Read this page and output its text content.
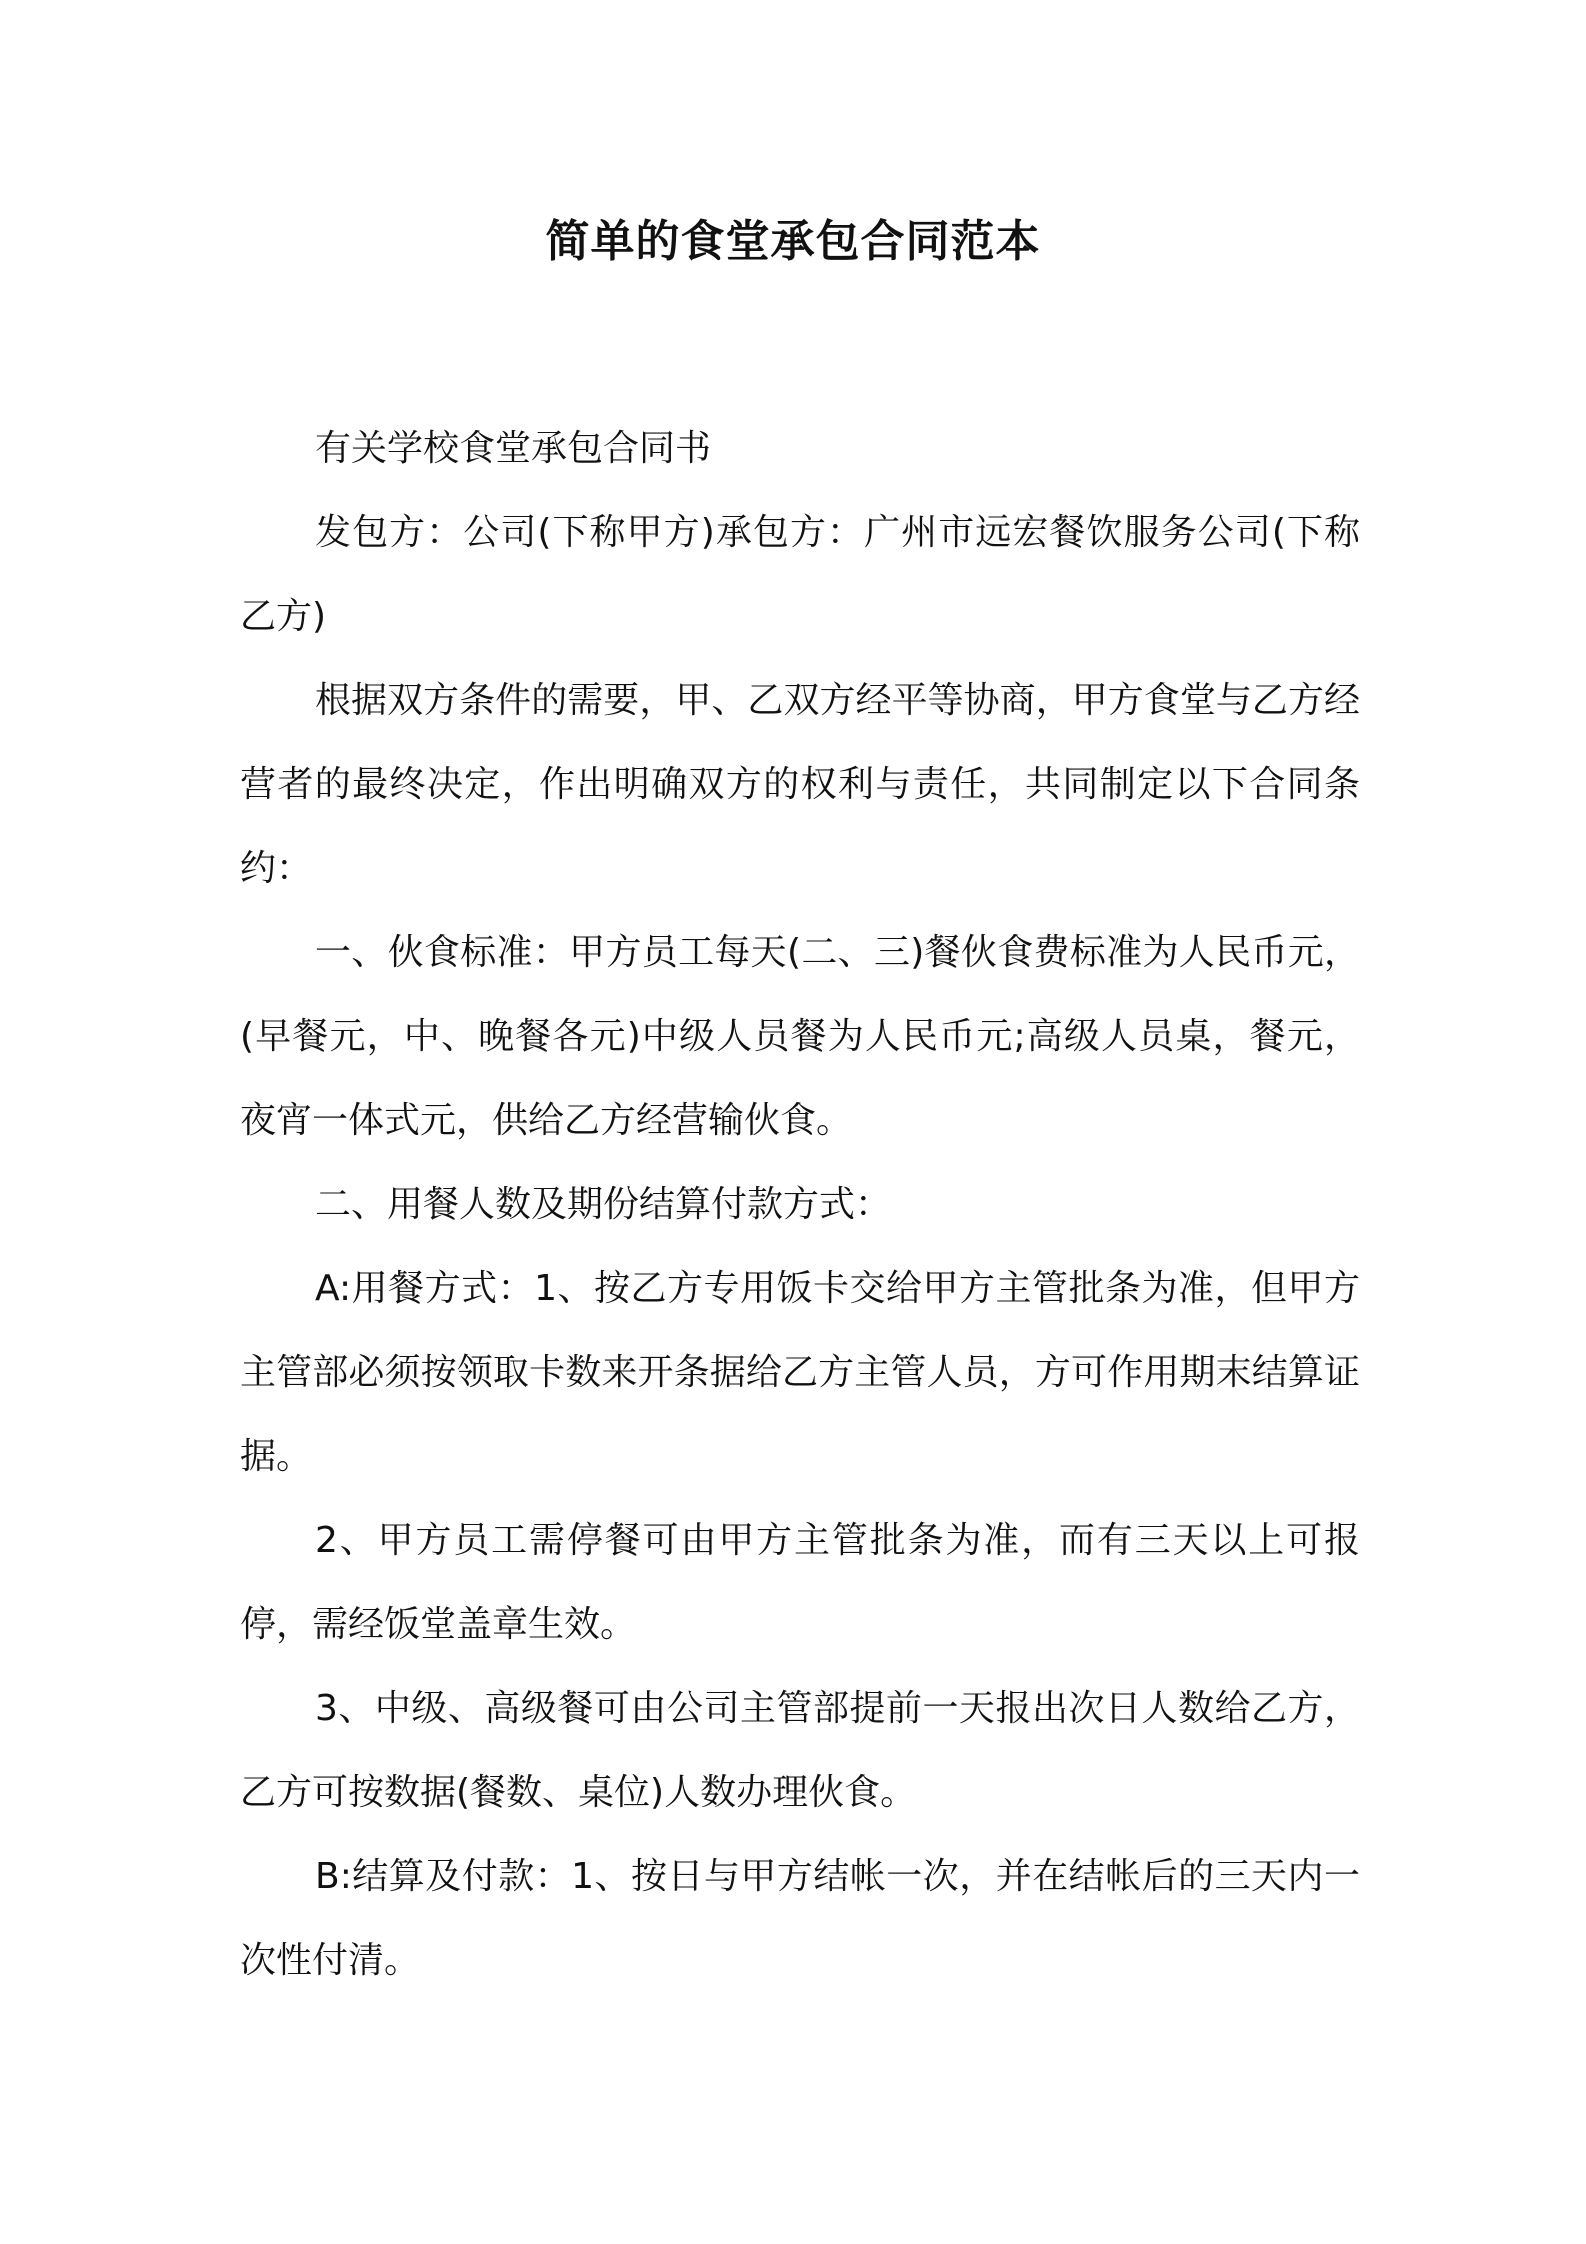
简单的食堂承包合同范本

有关学校食堂承包合同书

发包方：公司(下称甲方)承包方：广州市远宏餐饮服务公司(下称乙方)

根据双方条件的需要，甲、乙双方经平等协商，甲方食堂与乙方经营者的最终决定，作出明确双方的权利与责任，共同制定以下合同条约：

一、伙食标准：甲方员工每天(二、三)餐伙食费标准为人民币元，(早餐元，中、晚餐各元)中级人员餐为人民币元;高级人员桌，餐元，夜宵一体式元，供给乙方经营输伙食。

二、用餐人数及期份结算付款方式：

A:用餐方式：1、按乙方专用饭卡交给甲方主管批条为准，但甲方主管部必须按领取卡数来开条据给乙方主管人员，方可作用期末结算证据。

2、甲方员工需停餐可由甲方主管批条为准，而有三天以上可报停，需经饭堂盖章生效。

3、中级、高级餐可由公司主管部提前一天报出次日人数给乙方，乙方可按数据(餐数、桌位)人数办理伙食。

B:结算及付款：1、按日与甲方结帐一次，并在结帐后的三天内一次性付清。
